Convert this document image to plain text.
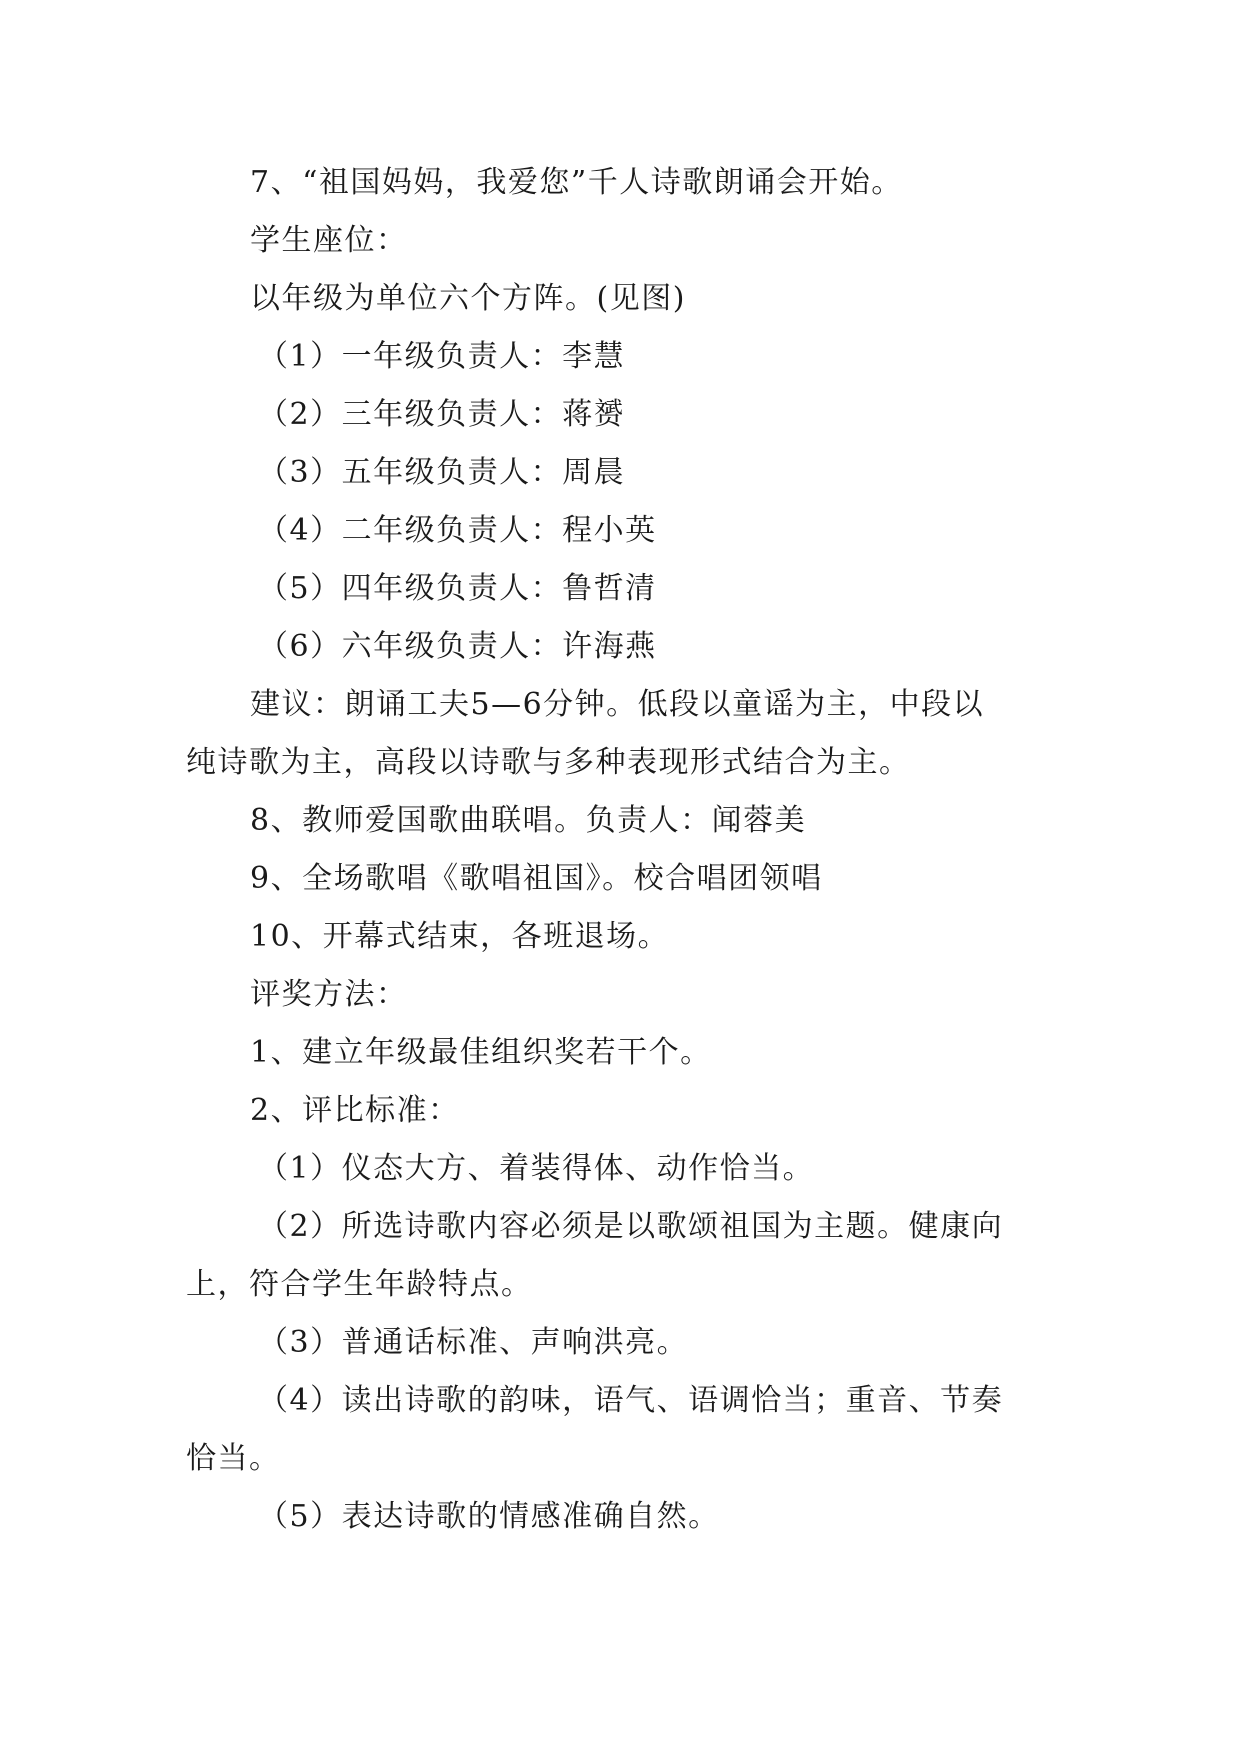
7、“祖国妈妈，我爱您”千人诗歌朗诵会开始。
学生座位：
以年级为单位六个方阵。(见图)
（1）一年级负责人：李慧
（2）三年级负责人：蒋赟
（3）五年级负责人：周晨
（4）二年级负责人：程小英
（5）四年级负责人：鲁哲清
（6）六年级负责人：许海燕
建议：朗诵工夫5—6分钟。低段以童谣为主，中段以
纯诗歌为主，高段以诗歌与多种表现形式结合为主。
8、教师爱国歌曲联唱。负责人：闻蓉美
9、全场歌唱《歌唱祖国》。校合唱团领唱
10、开幕式结束，各班退场。
评奖方法：
1、建立年级最佳组织奖若干个。
2、评比标准：
（1）仪态大方、着装得体、动作恰当。
（2）所选诗歌内容必须是以歌颂祖国为主题。健康向
上，符合学生年龄特点。
（3）普通话标准、声响洪亮。
（4）读出诗歌的韵味，语气、语调恰当；重音、节奏
恰当。
（5）表达诗歌的情感准确自然。
